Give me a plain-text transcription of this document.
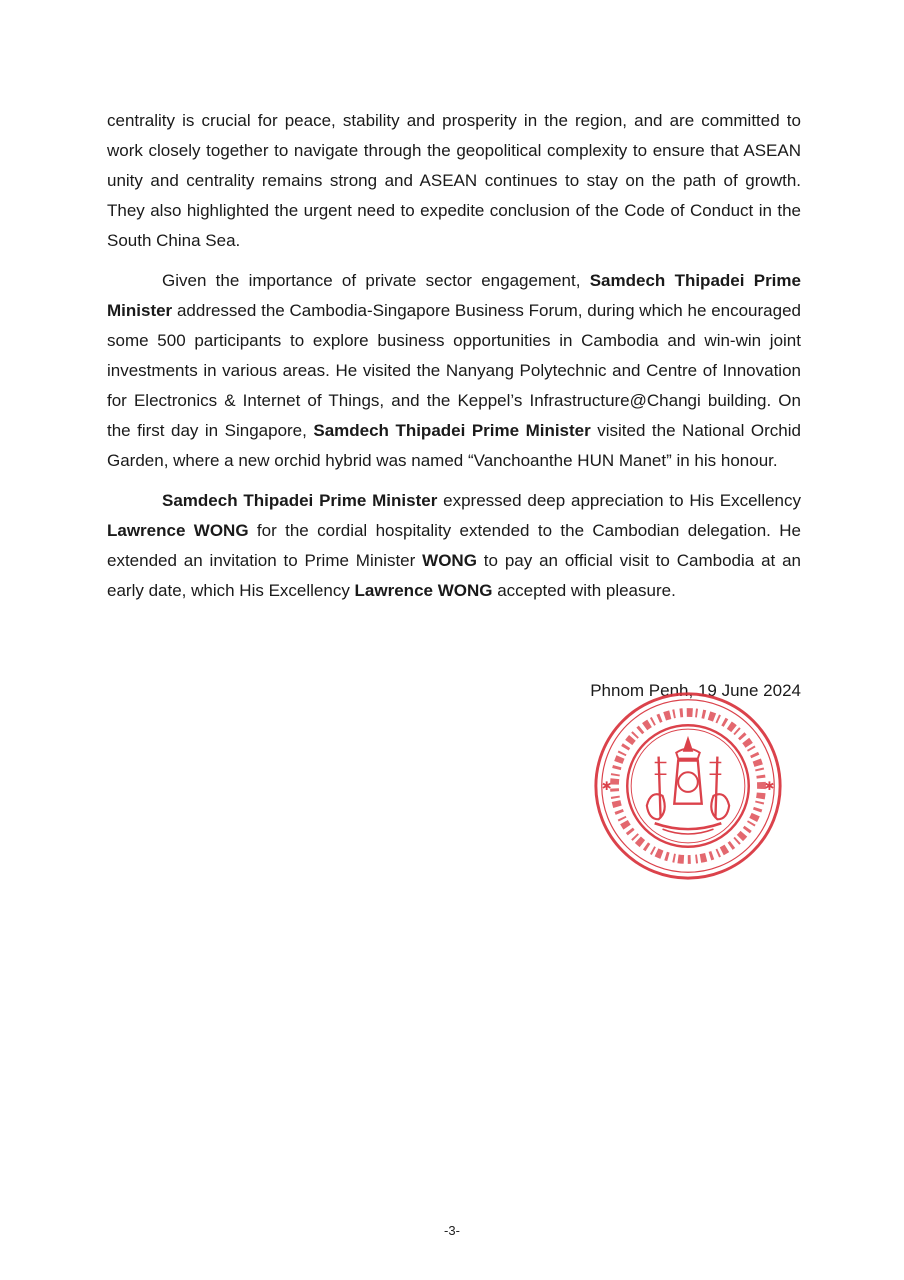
centrality is crucial for peace, stability and prosperity in the region, and are committed to work closely together to navigate through the geopolitical complexity to ensure that ASEAN unity and centrality remains strong and ASEAN continues to stay on the path of growth. They also highlighted the urgent need to expedite conclusion of the Code of Conduct in the South China Sea.

Given the importance of private sector engagement, Samdech Thipadei Prime Minister addressed the Cambodia-Singapore Business Forum, during which he encouraged some 500 participants to explore business opportunities in Cambodia and win-win joint investments in various areas. He visited the Nanyang Polytechnic and Centre of Innovation for Electronics & Internet of Things, and the Keppel’s Infrastructure@Changi building. On the first day in Singapore, Samdech Thipadei Prime Minister visited the National Orchid Garden, where a new orchid hybrid was named “Vanchoanthe HUN Manet” in his honour.

Samdech Thipadei Prime Minister expressed deep appreciation to His Excellency Lawrence WONG for the cordial hospitality extended to the Cambodian delegation. He extended an invitation to Prime Minister WONG to pay an official visit to Cambodia at an early date, which His Excellency Lawrence WONG accepted with pleasure.

Phnom Penh, 19 June 2024
✱	✱
-3-
